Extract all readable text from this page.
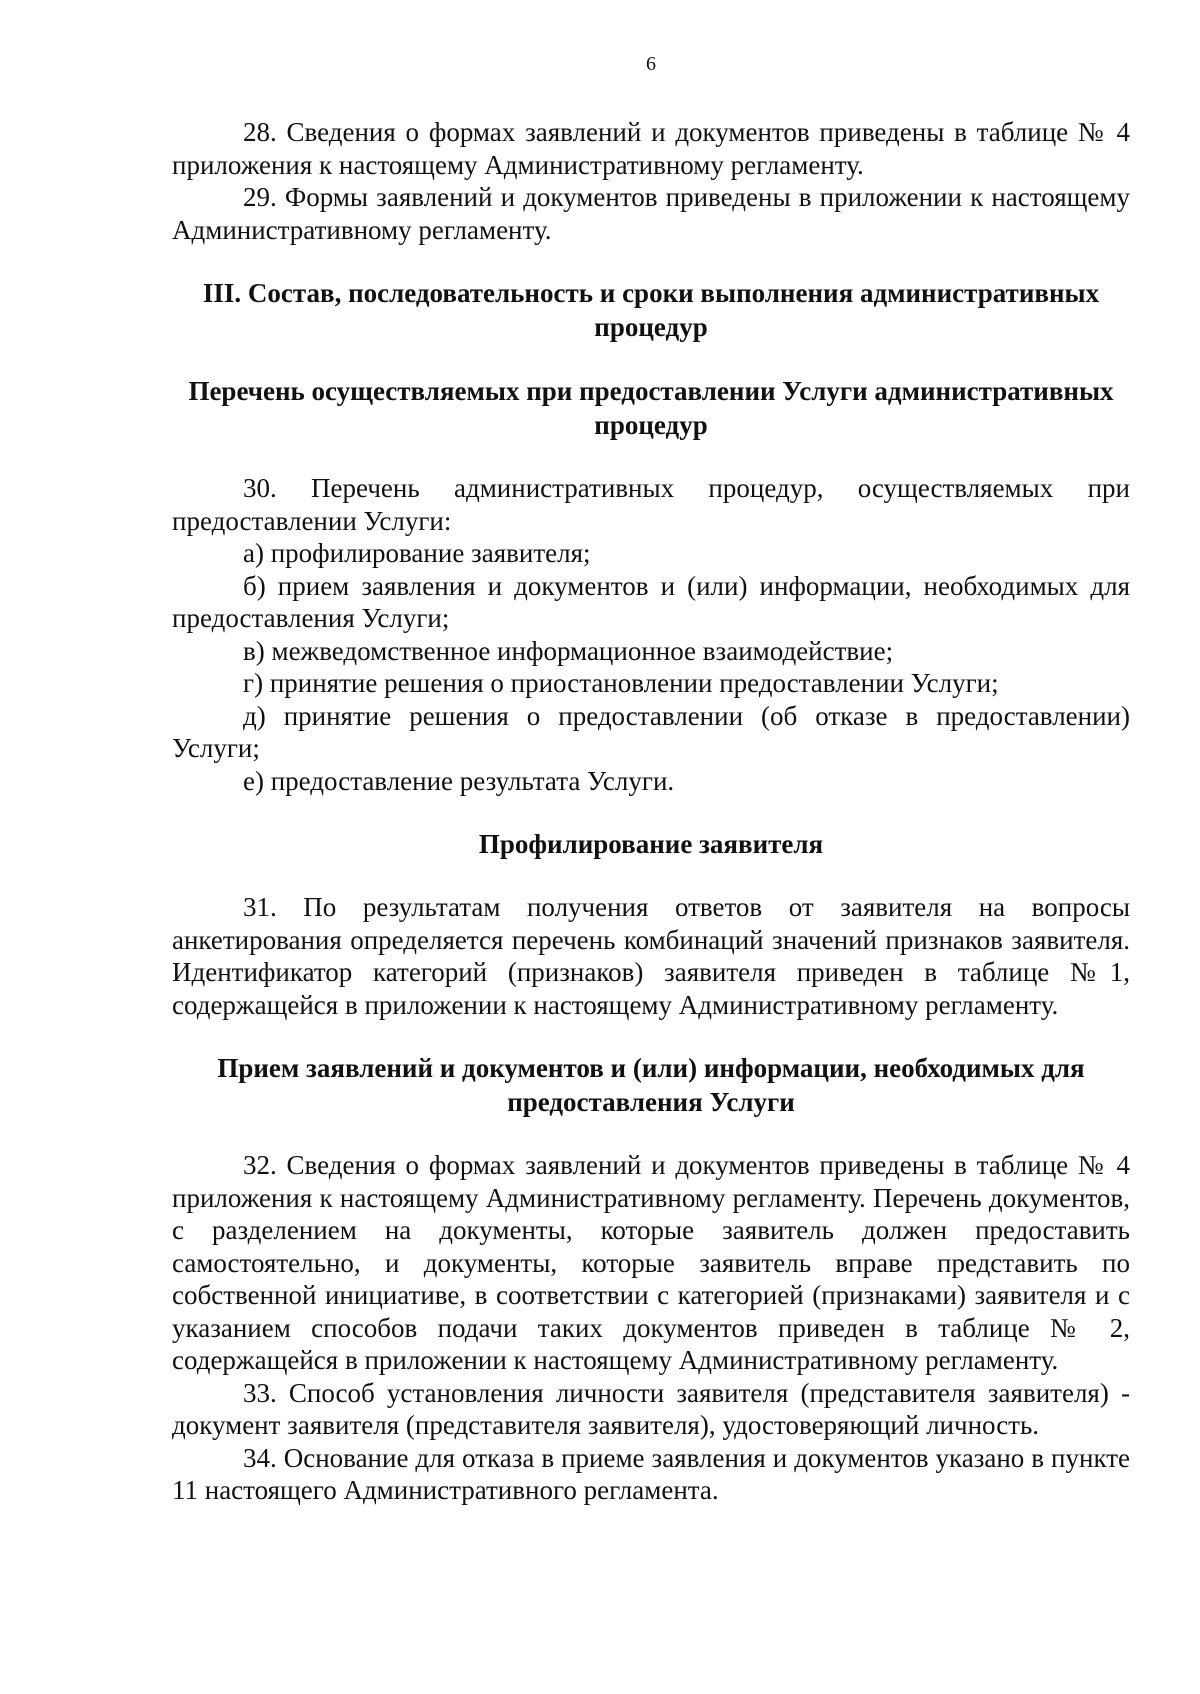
6

28. Сведения о формах заявлений и документов приведены в таблице № 4 приложения к настоящему Административному регламенту.

29. Формы заявлений и документов приведены в приложении к настоящему Административному регламенту.

III. Состав, последовательность и сроки выполнения административных процедур
Перечень осуществляемых при предоставлении Услуги административных процедур

30. Перечень административных процедур, осуществляемых при предоставлении Услуги:

а) профилирование заявителя;

б) прием заявления и документов и (или) информации, необходимых для предоставления Услуги;

в) межведомственное информационное взаимодействие;

г) принятие решения о приостановлении предоставлении Услуги;

д) принятие решения о предоставлении (об отказе в предоставлении) Услуги;

е) предоставление результата Услуги.

Профилирование заявителя

31. По результатам получения ответов от заявителя на вопросы анкетирования определяется перечень комбинаций значений признаков заявителя. Идентификатор категорий (признаков) заявителя приведен в таблице №1, содержащейся в приложении к настоящему Административному регламенту.

Прием заявлений и документов и (или) информации, необходимых для предоставления Услуги

32. Сведения о формах заявлений и документов приведены в таблице № 4 приложения к настоящему Административному регламенту. Перечень документов, с разделением на документы, которые заявитель должен предоставить самостоятельно, и документы, которые заявитель вправе представить по собственной инициативе, в соответствии с категорией (признаками) заявителя и с указанием способов подачи таких документов приведен в таблице № 2, содержащейся в приложении к настоящему Административному регламенту.

33. Способ установления личности заявителя (представителя заявителя) - документ заявителя (представителя заявителя), удостоверяющий личность.

34. Основание для отказа в приеме заявления и документов указано в пункте 11 настоящего Административного регламента.
